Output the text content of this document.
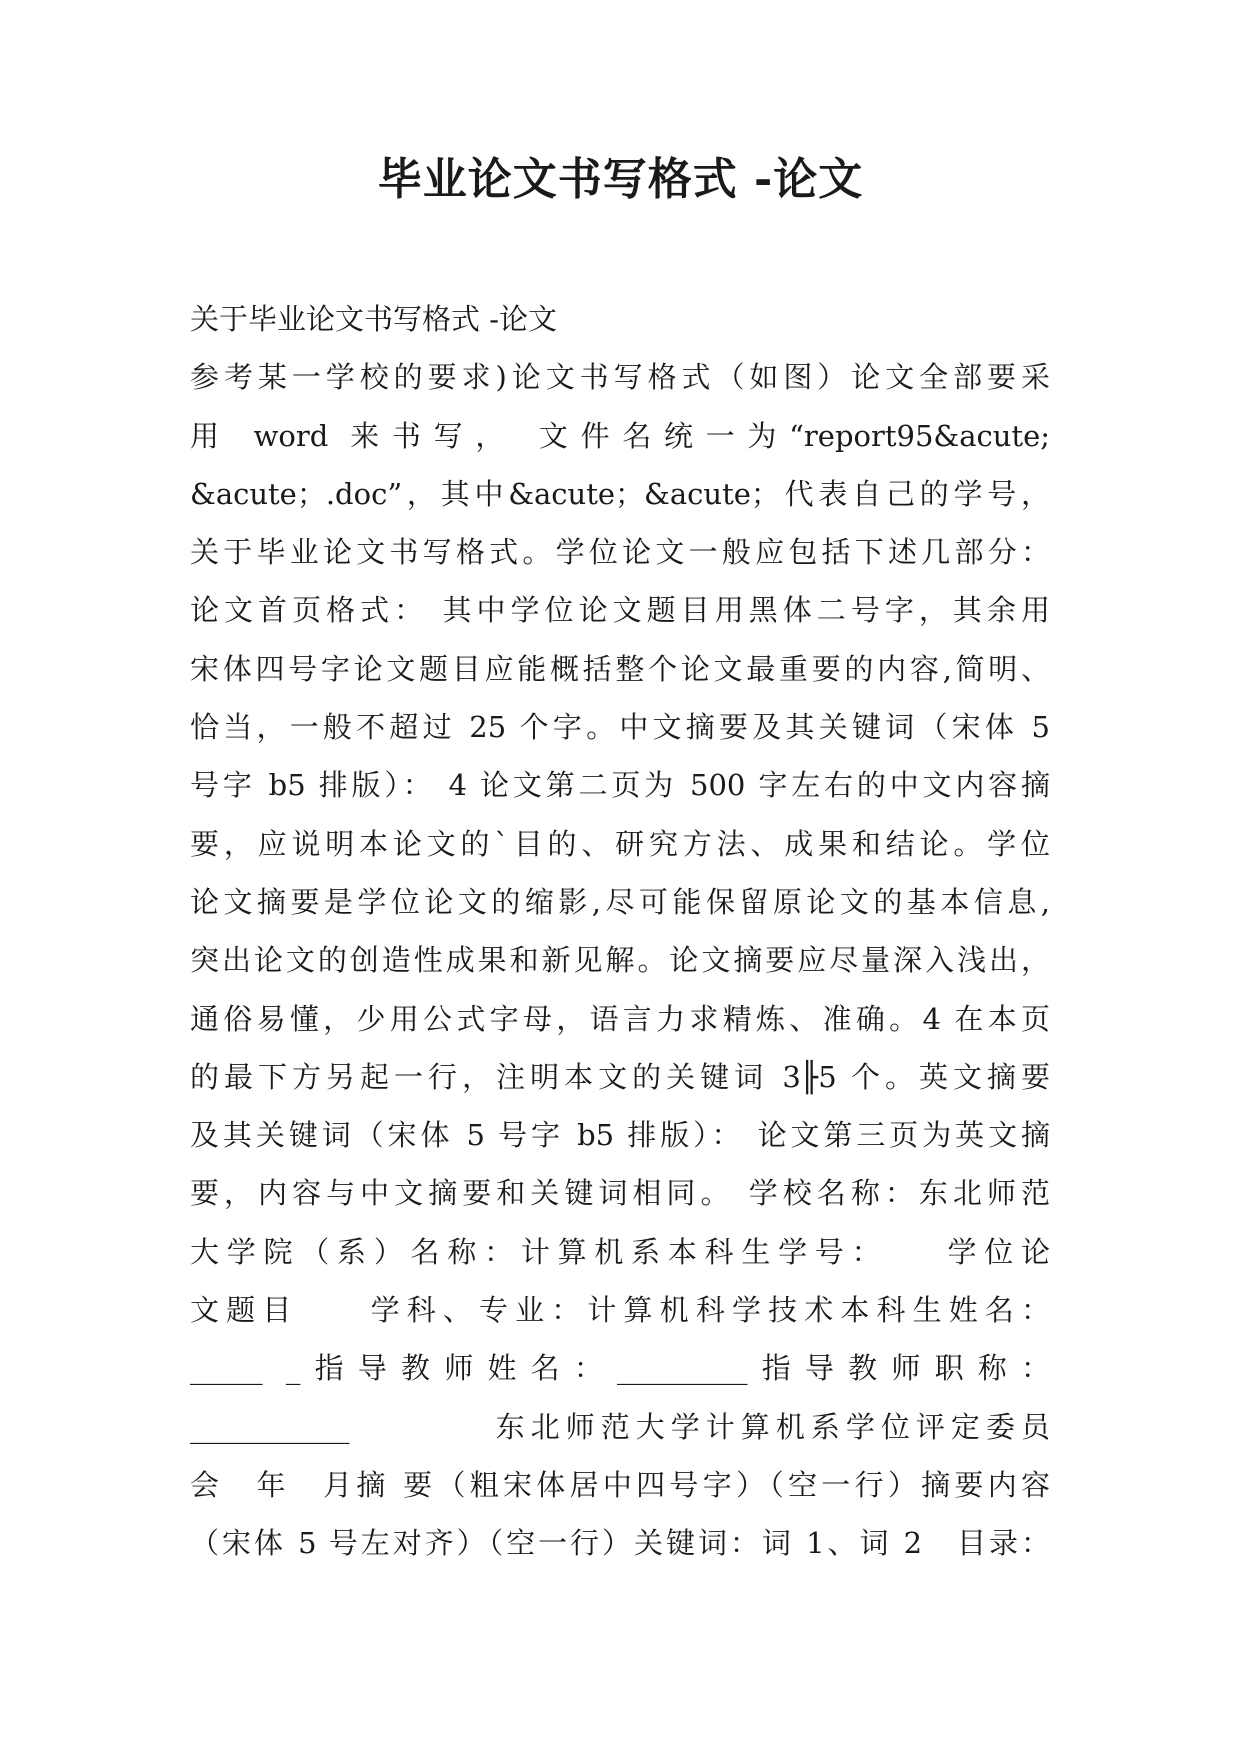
毕业论文书写格式 -论文
关于毕业论文书写格式 -论文
参考某一学校的要求)论文书写格式（如图）论文全部要采
用 word 来书写， 文件名统一为“report95&acute;
&acute；.doc”，其中&acute；&acute；代表自己的学号，
关于毕业论文书写格式。学位论文一般应包括下述几部分：
论文首页格式： 其中学位论文题目用黑体二号字，其余用
宋体四号字论文题目应能概括整个论文最重要的内容,简明、
恰当，一般不超过 25 个字。中文摘要及其关键词（宋体 5
号字 b5 排版）： 4 论文第二页为 500 字左右的中文内容摘
要，应说明本论文的`目的、研究方法、成果和结论。学位
论文摘要是学位论文的缩影,尽可能保留原论文的基本信息,
突出论文的创造性成果和新见解。论文摘要应尽量深入浅出，
通俗易懂，少用公式字母，语言力求精炼、准确。4 在本页
的最下方另起一行，注明本文的关键词 3╟5 个。英文摘要
及其关键词（宋体 5 号字 b5 排版）： 论文第三页为英文摘
要，内容与中文摘要和关键词相同。 学校名称：东北师范
大学院（系）名称：计算机系本科生学号：　　学位论
文题目　　学科、专业：计算机科学技术本科生姓名：
_____ _指导教师姓名：_________指导教师职称：
___________　　　　东北师范大学计算机系学位评定委员
会　年　月摘 要（粗宋体居中四号字）（空一行）摘要内容
（宋体 5 号左对齐）（空一行）关键词：词 1、词 2　目录：
